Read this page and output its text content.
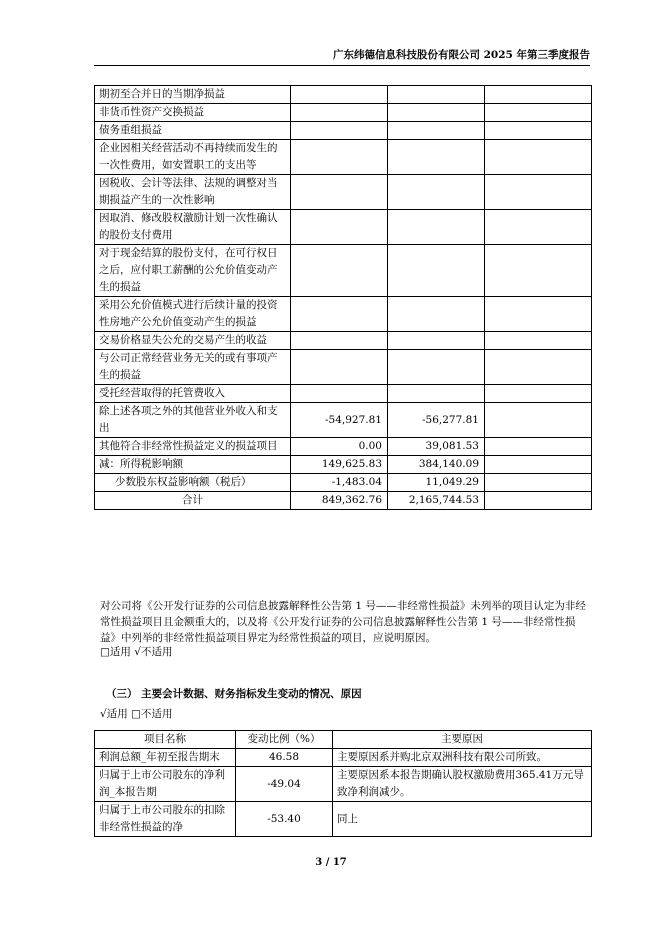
广东纬德信息科技股份有限公司 2025 年第三季度报告
期初至合并日的当期净损益			
非货币性资产交换损益			
债务重组损益			
企业因相关经营活动不再持续而发生的一次性费用，如安置职工的支出等			
因税收、会计等法律、法规的调整对当期损益产生的一次性影响			
因取消、修改股权激励计划一次性确认的股份支付费用			
对于现金结算的股份支付，在可行权日之后，应付职工薪酬的公允价值变动产生的损益			
采用公允价值模式进行后续计量的投资性房地产公允价值变动产生的损益			
交易价格显失公允的交易产生的收益			
与公司正常经营业务无关的或有事项产生的损益			
受托经营取得的托管费收入			
除上述各项之外的其他营业外收入和支出	-54,927.81	-56,277.81	
其他符合非经常性损益定义的损益项目	0.00	39,081.53	
减：所得税影响额	149,625.83	384,140.09	
少数股东权益影响额（税后）	-1,483.04	11,049.29	
合计	849,362.76	2,165,744.53	
对公司将《公开发行证券的公司信息披露解释性公告第 1 号——非经常性损益》未列举的项目认定为非经常性损益项目且金额重大的，以及将《公开发行证券的公司信息披露解释性公告第 1 号——非经常性损益》中列举的非经常性损益项目界定为经常性损益的项目，应说明原因。
□适用 √不适用
（三） 主要会计数据、财务指标发生变动的情况、原因
√适用 □不适用
项目名称	变动比例（%）	主要原因
利润总额_年初至报告期末	46.58	主要原因系并购北京双洲科技有限公司所致。
归属于上市公司股东的净利润_本报告期	-49.04	主要原因系本报告期确认股权激励费用365.41万元导致净利润减少。
归属于上市公司股东的扣除非经常性损益的净	-53.40	同上
3 / 17
